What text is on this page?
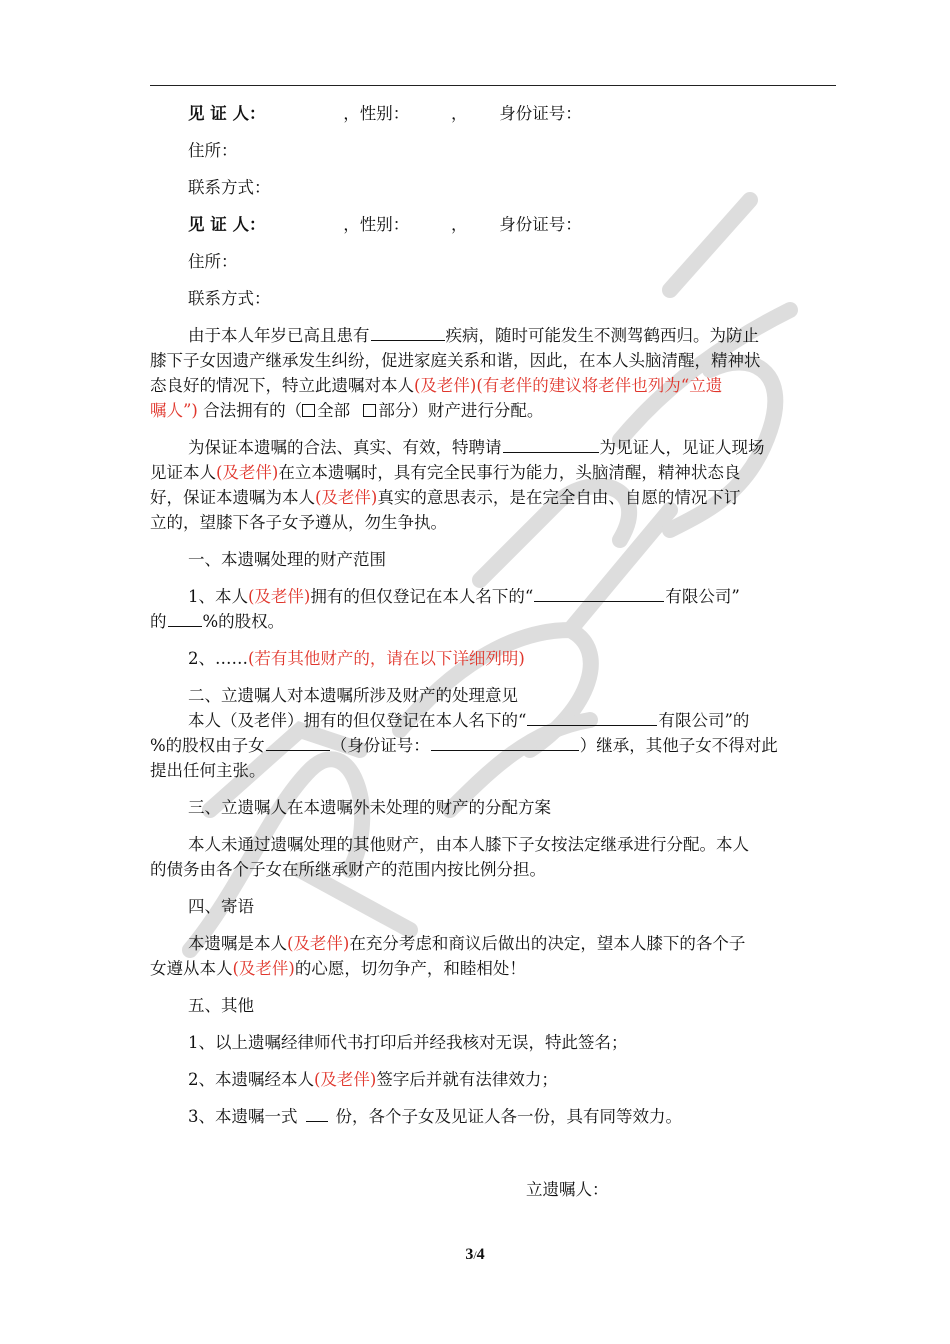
见 证 人：	，性别：	， 身份证号：
住所：
联系方式：
见 证 人：	，性别：	， 身份证号：
住所：
联系方式：
由于本人年岁已高且患有	疾病，随时可能发生不测驾鹤西归。为防止
膝下子女因遗产继承发生纠纷，促进家庭关系和谐，因此，在本人头脑清醒，精神状
态良好的情况下，特立此遗嘱对本人(及老伴)(有老伴的建议将老伴也列为“立遗
嘱人”) 合法拥有的（ 全部 部分）财产进行分配。
为保证本遗嘱的合法、真实、有效，特聘请	为见证人，见证人现场
见证本人(及老伴)在立本遗嘱时，具有完全民事行为能力，头脑清醒，精神状态良
好，保证本遗嘱为本人(及老伴)真实的意思表示，是在完全自由、自愿的情况下订
立的，望膝下各子女予遵从，勿生争执。
一、本遗嘱处理的财产范围
1、本人(及老伴)拥有的但仅登记在本人名下的“	有限公司”
的 %的股权。
2、……(若有其他财产的，请在以下详细列明)
二、立遗嘱人对本遗嘱所涉及财产的处理意见
本人（及老伴）拥有的但仅登记在本人名下的“	有限公司”的
%的股权由子女	（身份证号：	）继承，其他子女不得对此
提出任何主张。
三、立遗嘱人在本遗嘱外未处理的财产的分配方案
本人未通过遗嘱处理的其他财产，由本人膝下子女按法定继承进行分配。本人
的债务由各个子女在所继承财产的范围内按比例分担。
四、寄语
本遗嘱是本人(及老伴)在充分考虑和商议后做出的决定，望本人膝下的各个子
女遵从本人(及老伴)的心愿，切勿争产，和睦相处！
五、其他
1、以上遗嘱经律师代书打印后并经我核对无误，特此签名；
2、本遗嘱经本人(及老伴)签字后并就有法律效力；
3、本遗嘱一式 份，各个子女及见证人各一份，具有同等效力。
立遗嘱人：
3/4
